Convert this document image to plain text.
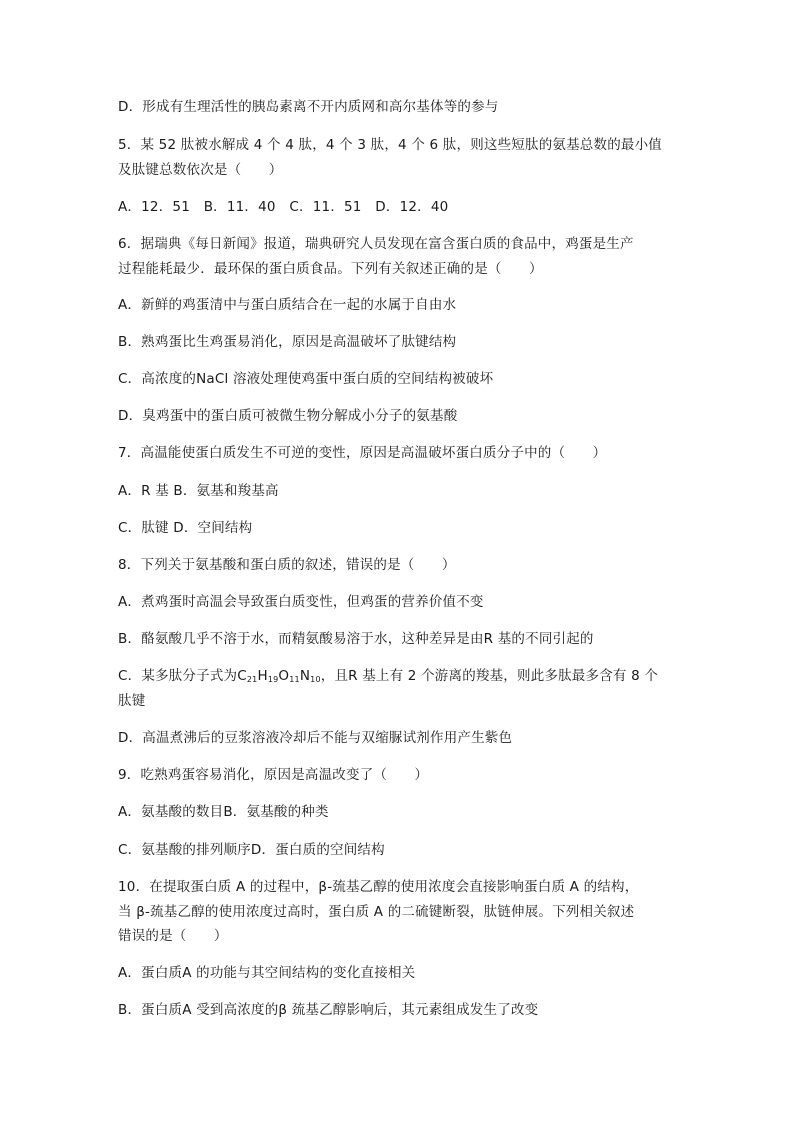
D．形成有生理活性的胰岛素离不开内质网和高尔基体等的参与
5．某 52 肽被水解成 4 个 4 肽，4 个 3 肽，4 个 6 肽，则这些短肽的氨基总数的最小值
及肽键总数依次是（　　）
A．12．51　B．11．40　C．11．51　D．12．40
6．据瑞典《每日新闻》报道，瑞典研究人员发现在富含蛋白质的食品中，鸡蛋是生产
过程能耗最少．最环保的蛋白质食品。下列有关叙述正确的是（　　）
A．新鲜的鸡蛋清中与蛋白质结合在一起的水属于自由水
B．熟鸡蛋比生鸡蛋易消化，原因是高温破坏了肽键结构
C．高浓度的NaCl 溶液处理使鸡蛋中蛋白质的空间结构被破坏
D．臭鸡蛋中的蛋白质可被微生物分解成小分子的氨基酸
7．高温能使蛋白质发生不可逆的变性，原因是高温破坏蛋白质分子中的（　　）
A．R 基 B．氨基和羧基高
C．肽键 D．空间结构
8．下列关于氨基酸和蛋白质的叙述，错误的是（　　）
A．煮鸡蛋时高温会导致蛋白质变性，但鸡蛋的营养价值不变
B．酪氨酸几乎不溶于水，而精氨酸易溶于水，这种差异是由R 基的不同引起的
C．某多肽分子式为$C_{21}H_{19}O_{11}N_{10}$，且R 基上有 2 个游离的羧基，则此多肽最多含有 8 个
肽键
D．高温煮沸后的豆浆溶液冷却后不能与双缩脲试剂作用产生紫色
9．吃熟鸡蛋容易消化，原因是高温改变了（　　）
A．氨基酸的数目B．氨基酸的种类
C．氨基酸的排列顺序D．蛋白质的空间结构
10．在提取蛋白质 A 的过程中，β-巯基乙醇的使用浓度会直接影响蛋白质 A 的结构，
当 β-巯基乙醇的使用浓度过高时，蛋白质 A 的二硫键断裂，肽链伸展。下列相关叙述
错误的是（　　）
A．蛋白质A 的功能与其空间结构的变化直接相关
B．蛋白质A 受到高浓度的β 巯基乙醇影响后，其元素组成发生了改变
